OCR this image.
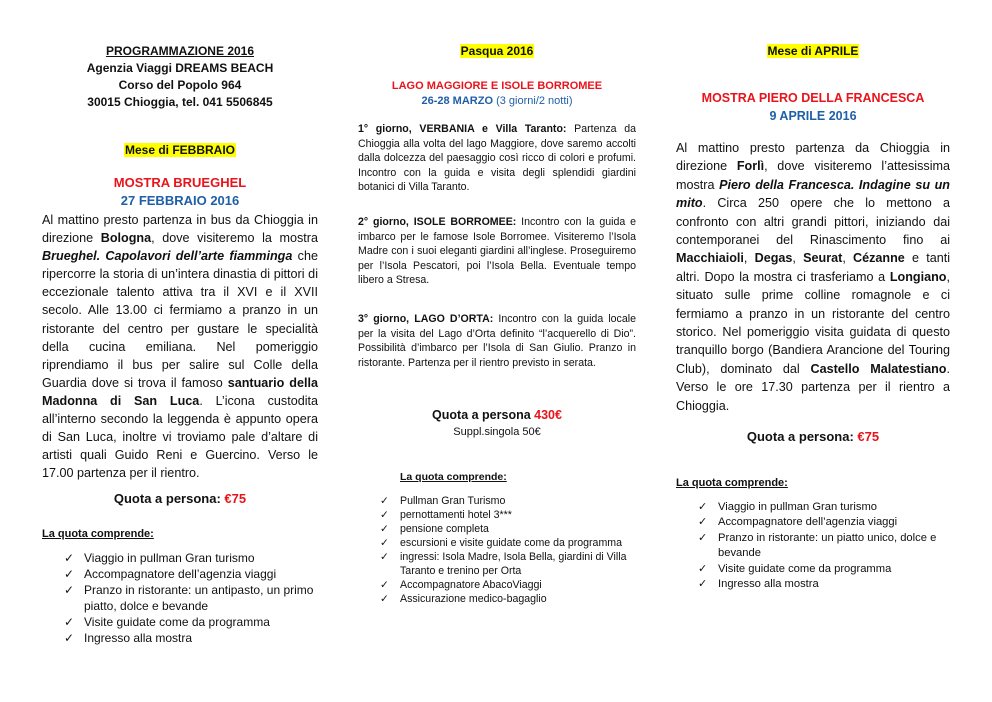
PROGRAMMAZIONE 2016
Agenzia Viaggi DREAMS BEACH
Corso del Popolo 964
30015 Chioggia, tel. 041 5506845
Mese di FEBBRAIO
MOSTRA BRUEGHEL
27 FEBBRAIO 2016

Al mattino presto partenza in bus da Chioggia in direzione Bologna, dove visiteremo la mostra Brueghel. Capolavori dell’arte fiamminga che ripercorre la storia di un’intera dinastia di pittori di eccezionale talento attiva tra il XVI e il XVII secolo. Alle 13.00 ci fermiamo a pranzo in un ristorante del centro per gustare le specialità della cucina emiliana. Nel pomeriggio riprendiamo il bus per salire sul Colle della Guardia dove si trova il famoso santuario della Madonna di San Luca. L’icona custodita all’interno secondo la leggenda è appunto opera di San Luca, inoltre vi troviamo pale d’altare di artisti quali Guido Reni e Guercino. Verso le 17.00 partenza per il rientro.

Quota a persona: €75
La quota comprende:
✓ Viaggio in pullman Gran turismo
✓ Accompagnatore dell’agenzia viaggi
✓ Pranzo in ristorante: un antipasto, un primo piatto, dolce e bevande
✓ Visite guidate come da programma
✓ Ingresso alla mostra
Pasqua 2016
LAGO MAGGIORE E ISOLE BORROMEE
26-28 MARZO (3 giorni/2 notti)

1° giorno, VERBANIA e Villa Taranto: Partenza da Chioggia alla volta del lago Maggiore, dove saremo accolti dalla dolcezza del paesaggio così ricco di colori e profumi. Incontro con la guida e visita degli splendidi giardini botanici di Villa Taranto.

2° giorno, ISOLE BORROMEE: Incontro con la guida e imbarco per le famose Isole Borromee. Visiteremo l’Isola Madre con i suoi eleganti giardini all’inglese. Proseguiremo per l’Isola Pescatori, poi l’Isola Bella. Eventuale tempo libero a Stresa.

3° giorno, LAGO D’ORTA: Incontro con la guida locale per la visita del Lago d’Orta definito “l’acquerello di Dio”. Possibilità d’imbarco per l’Isola di San Giulio. Pranzo in ristorante. Partenza per il rientro previsto in serata.

Quota a persona 430€
Suppl.singola 50€
La quota comprende:
✓ Pullman Gran Turismo
✓ pernottamenti hotel 3***
✓ pensione completa
✓ escursioni e visite guidate come da programma
✓ ingressi: Isola Madre, Isola Bella, giardini di Villa Taranto e trenino per Orta
✓ Accompagnatore AbacoViaggi
✓ Assicurazione medico-bagaglio
Mese di APRILE
MOSTRA PIERO DELLA FRANCESCA
9 APRILE 2016

Al mattino presto partenza da Chioggia in direzione Forlì, dove visiteremo l’attesissima mostra Piero della Francesca. Indagine su un mito. Circa 250 opere che lo mettono a confronto con altri grandi pittori, iniziando dai contemporanei del Rinascimento fino ai Macchiaioli, Degas, Seurat, Cézanne e tanti altri. Dopo la mostra ci trasferiamo a Longiano, situato sulle prime colline romagnole e ci fermiamo a pranzo in un ristorante del centro storico. Nel pomeriggio visita guidata di questo tranquillo borgo (Bandiera Arancione del Touring Club), dominato dal Castello Malatestiano. Verso le ore 17.30 partenza per il rientro a Chioggia.

Quota a persona: €75
La quota comprende:
✓ Viaggio in pullman Gran turismo
✓ Accompagnatore dell’agenzia viaggi
✓ Pranzo in ristorante: un piatto unico, dolce e bevande
✓ Visite guidate come da programma
✓ Ingresso alla mostra
